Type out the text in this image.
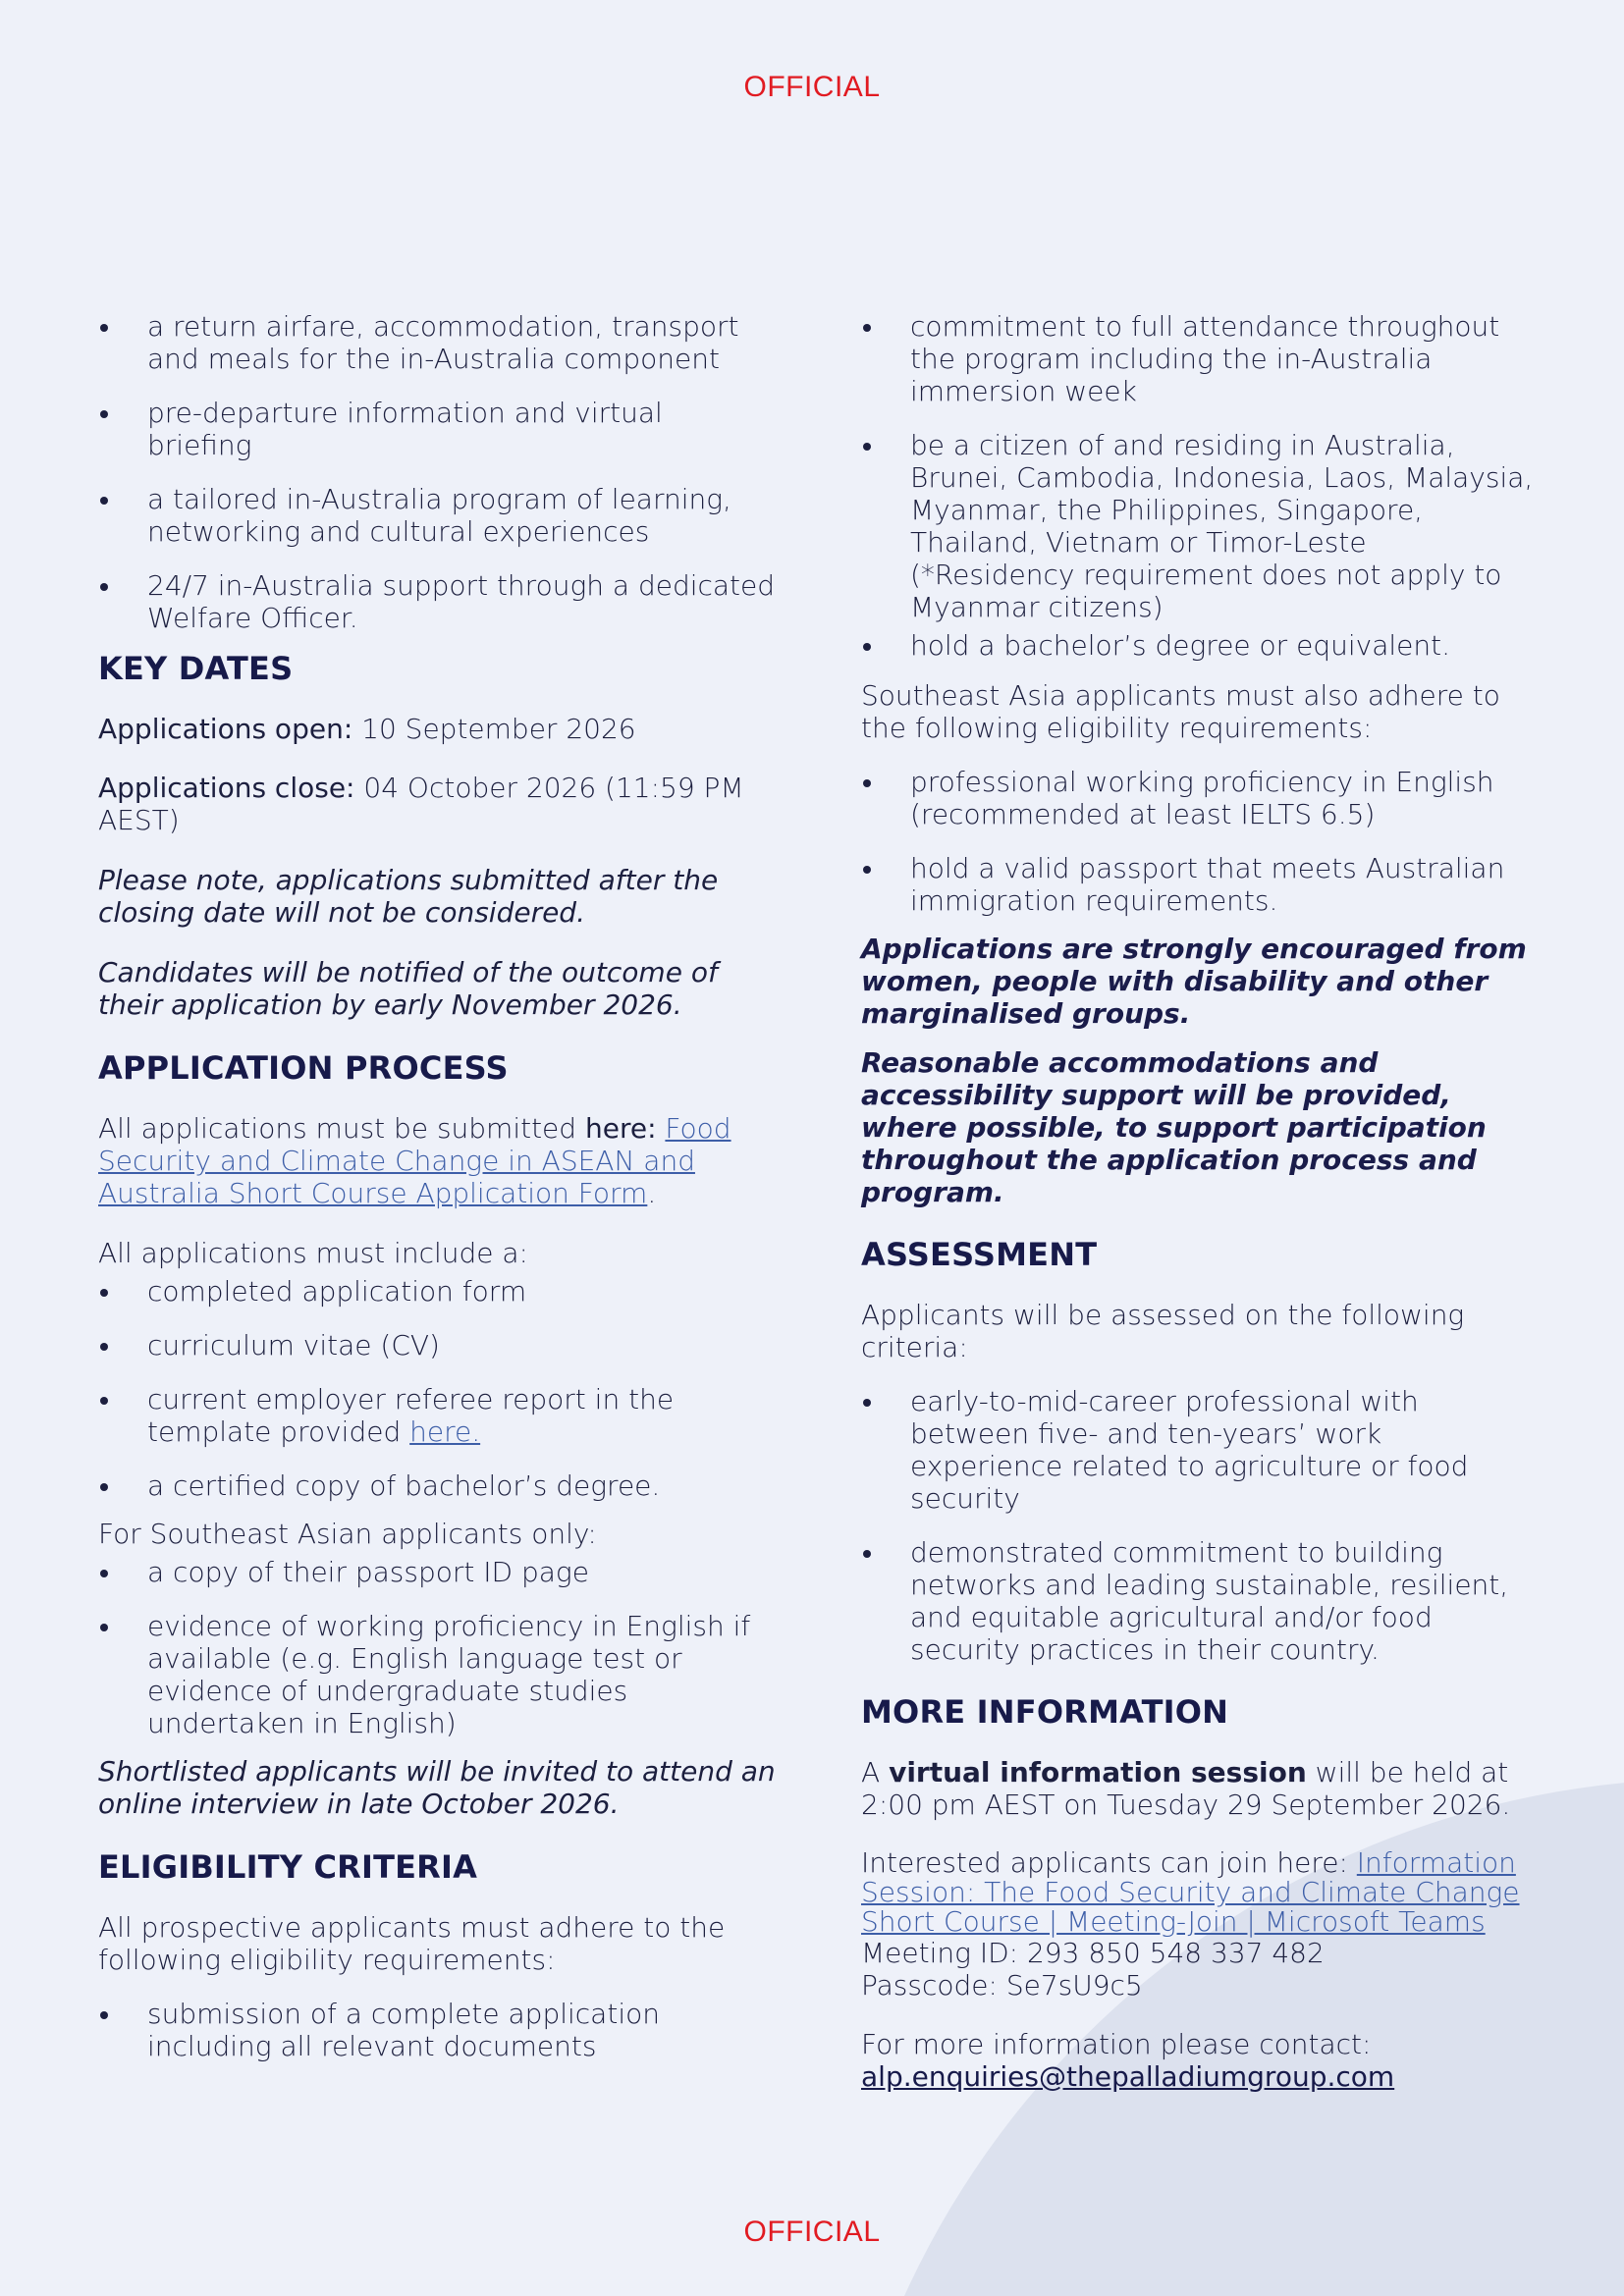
OFFICIAL
a return airfare, accommodation, transport and meals for the in-Australia component
pre-departure information and virtual briefing
a tailored in-Australia program of learning, networking and cultural experiences
24/7 in-Australia support through a dedicated Welfare Officer.
KEY DATES
Applications open: 10 September 2026
Applications close: 04 October 2026 (11:59 PM AEST)
Please note, applications submitted after the closing date will not be considered.
Candidates will be notified of the outcome of their application by early November 2026.
APPLICATION PROCESS
All applications must be submitted here: Food Security and Climate Change in ASEAN and Australia Short Course Application Form.
All applications must include a:
completed application form
curriculum vitae (CV)
current employer referee report in the template provided here.
a certified copy of bachelor’s degree.
For Southeast Asian applicants only:
a copy of their passport ID page
evidence of working proficiency in English if available (e.g. English language test or evidence of undergraduate studies undertaken in English)
Shortlisted applicants will be invited to attend an online interview in late October 2026.
ELIGIBILITY CRITERIA
All prospective applicants must adhere to the following eligibility requirements:
submission of a complete application including all relevant documents
commitment to full attendance throughout the program including the in-Australia immersion week
be a citizen of and residing in Australia, Brunei, Cambodia, Indonesia, Laos, Malaysia, Myanmar, the Philippines, Singapore, Thailand, Vietnam or Timor-Leste (*Residency requirement does not apply to Myanmar citizens)
hold a bachelor’s degree or equivalent.
Southeast Asia applicants must also adhere to the following eligibility requirements:
professional working proficiency in English (recommended at least IELTS 6.5)
hold a valid passport that meets Australian immigration requirements.
Applications are strongly encouraged from women, people with disability and other marginalised groups.
Reasonable accommodations and accessibility support will be provided, where possible, to support participation throughout the application process and program.
ASSESSMENT
Applicants will be assessed on the following criteria:
early-to-mid-career professional with between five- and ten-years’ work experience related to agriculture or food security
demonstrated commitment to building networks and leading sustainable, resilient, and equitable agricultural and/or food security practices in their country.
MORE INFORMATION
A virtual information session will be held at 2:00 pm AEST on Tuesday 29 September 2026.
Interested applicants can join here: Information Session: The Food Security and Climate Change Short Course | Meeting-Join | Microsoft Teams
Meeting ID: 293 850 548 337 482
Passcode: Se7sU9c5
For more information please contact:
alp.enquiries@thepalladiumgroup.com
OFFICIAL
